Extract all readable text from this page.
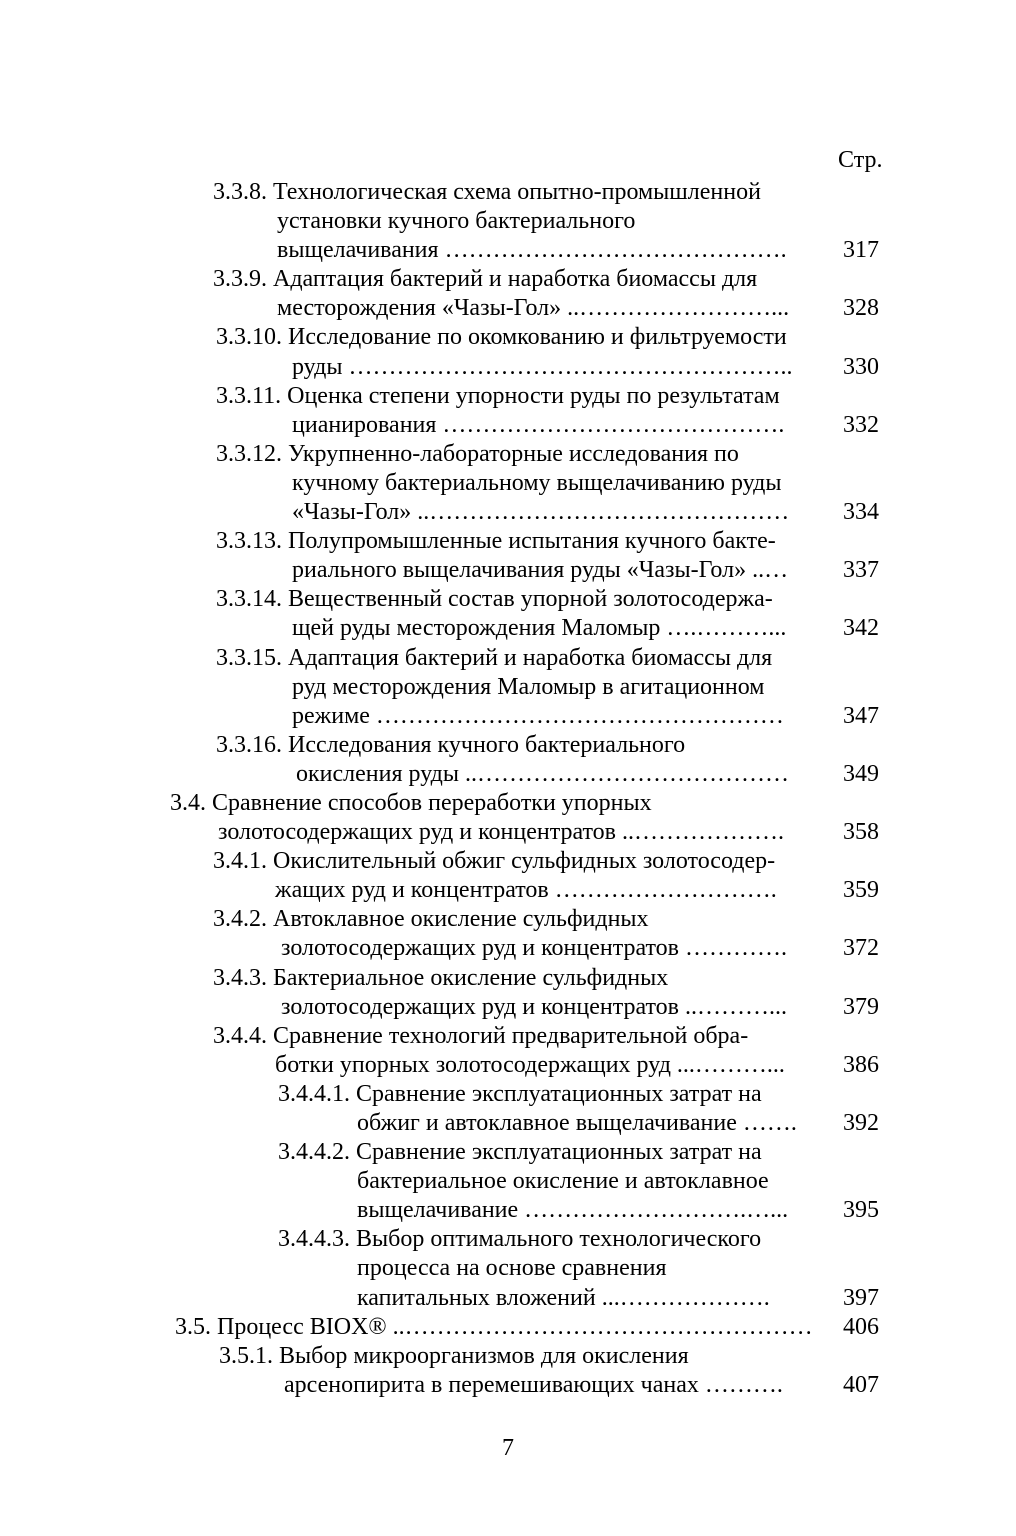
Стр.
3.3.8. Технологическая схема опытно-промышленной
установки кучного бактериального
выщелачивания ……………………………………. 317
3.3.9. Адаптация бактерий и наработка биомассы для
месторождения «Чазы-Гол» ..……………………... 328
3.3.10. Исследование по окомкованию и фильтруемости
руды ……………………………………………….. 330
3.3.11. Оценка степени упорности руды по результатам
цианирования ……………………………………. 332
3.3.12. Укрупненно-лабораторные исследования по
кучному бактериальному выщелачиванию руды
«Чазы-Гол» ..……………………………………… 334
3.3.13. Полупромышленные испытания кучного бакте-
риального выщелачивания руды «Чазы-Гол» ..… 337
3.3.14. Вещественный состав упорной золотосодержа-
щей руды месторождения Маломыр ….………... 342
3.3.15. Адаптация бактерий и наработка биомассы для
руд месторождения Маломыр в агитационном
режиме …………………………………………… 347
3.3.16. Исследования кучного бактериального
окисления руды ..………………………………… 349
3.4. Сравнение способов переработки упорных
золотосодержащих руд и концентратов ..………………. 358
3.4.1. Окислительный обжиг сульфидных золотосодер-
жащих руд и концентратов ……………………….	359
3.4.2. Автоклавное окисление сульфидных
золотосодержащих руд и концентратов …………. 372
3.4.3. Бактериальное окисление сульфидных
золотосодержащих руд и концентратов ..………... 379
3.4.4. Сравнение технологий предварительной обра-
ботки упорных золотосодержащих руд ...………... 386
3.4.4.1. Сравнение эксплуатационных затрат на
обжиг и автоклавное выщелачивание ……. 392
3.4.4.2. Сравнение эксплуатационных затрат на
бактериальное окисление и автоклавное
выщелачивание ……………………….…... 395
3.4.4.3. Выбор оптимального технологического
процесса на основе сравнения
капитальных вложений ...……………….	397
3.5. Процесс BIOX® ..…………………………………………… 406
3.5.1. Выбор микроорганизмов для окисления
арсенопирита в перемешивающих чанах ……….	407
7
